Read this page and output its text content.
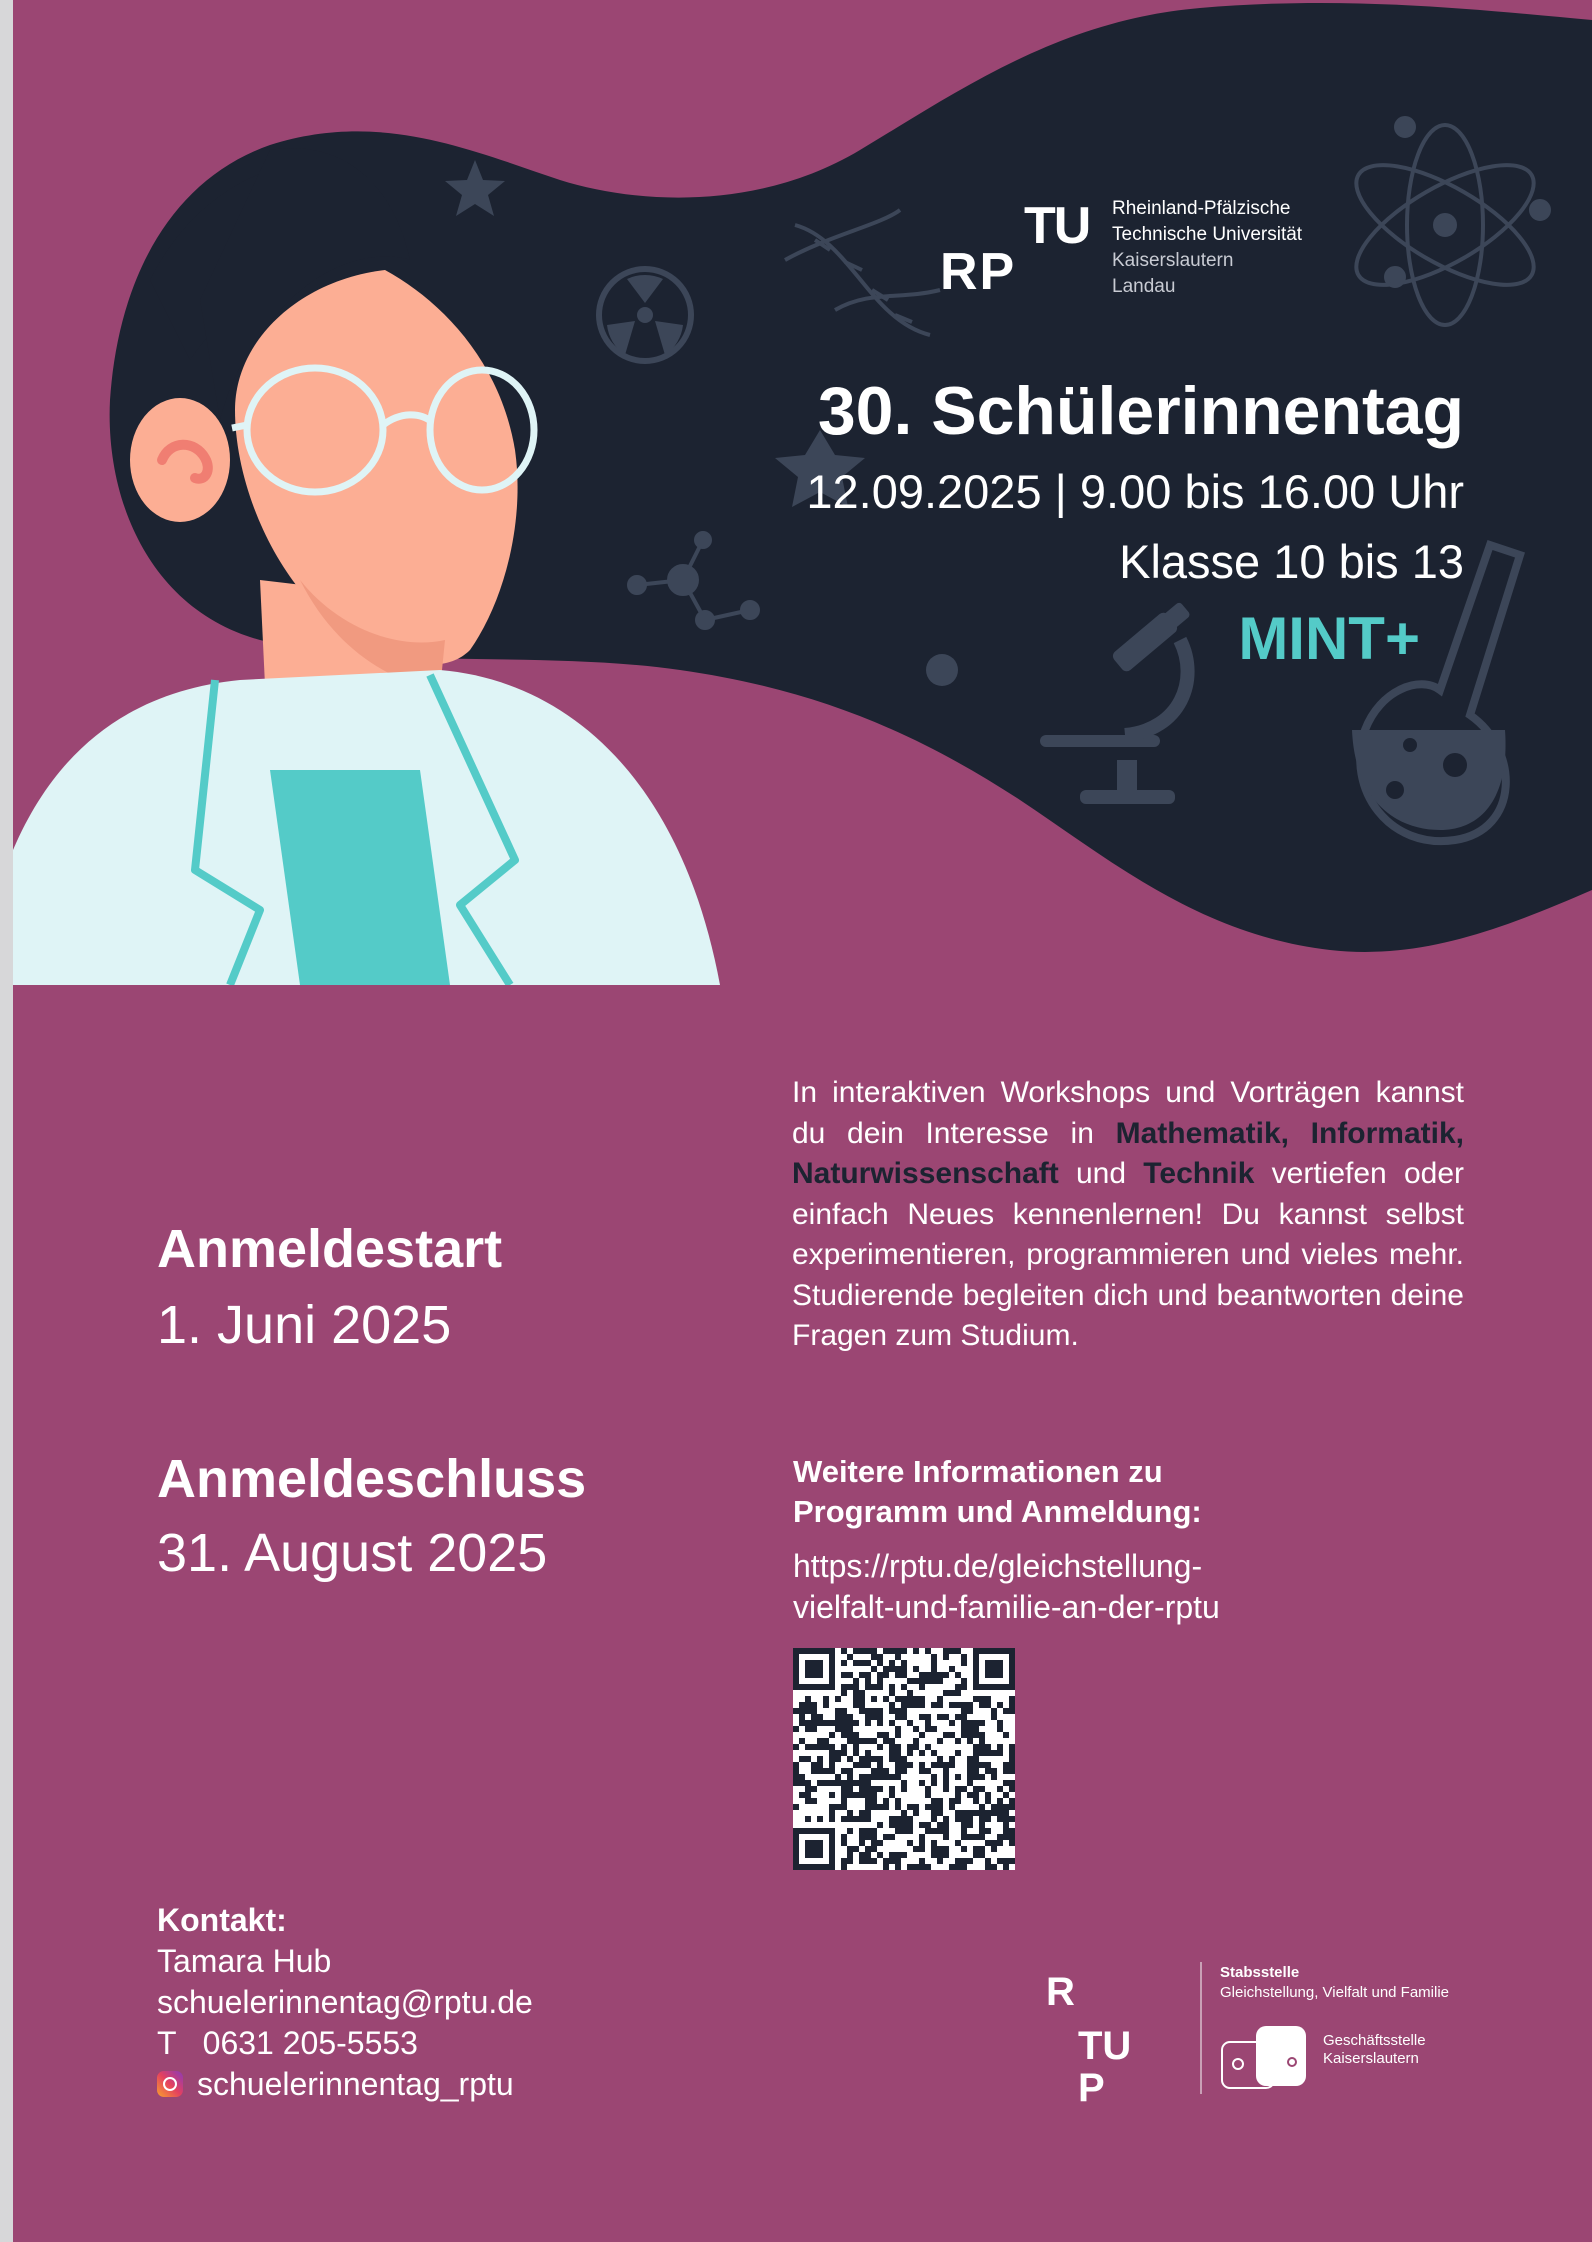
RP
TU Rheinland-Pfälzische
Technische Universität
Kaiserslautern
Landau
30. Schülerinnentag
12.09.2025 | 9.00 bis 16.00 Uhr
Klasse 10 bis 13
MINT+
In interaktiven Workshops und Vorträgen kannst du dein Interesse in Mathematik, Informatik, Naturwissenschaft und Technik vertiefen oder einfach Neues kennenlernen! Du kannst selbst experimentieren, programmieren und vieles mehr. Studierende begleiten dich und beantworten deine Fragen zum Studium.
Anmeldestart
1. Juni 2025
Anmeldeschluss
31. August 2025
Weitere Informationen zu
Programm und Anmeldung:
https://rptu.de/gleichstellung-
vielfalt-und-familie-an-der-rptu
Kontakt:
Tamara Hub
schuelerinnentag@rptu.de
T   0631 205-5553
schuelerinnentag_rptu
R
TU
P
Stabsstelle
Gleichstellung, Vielfalt und Familie
Geschäftsstelle
Kaiserslautern
